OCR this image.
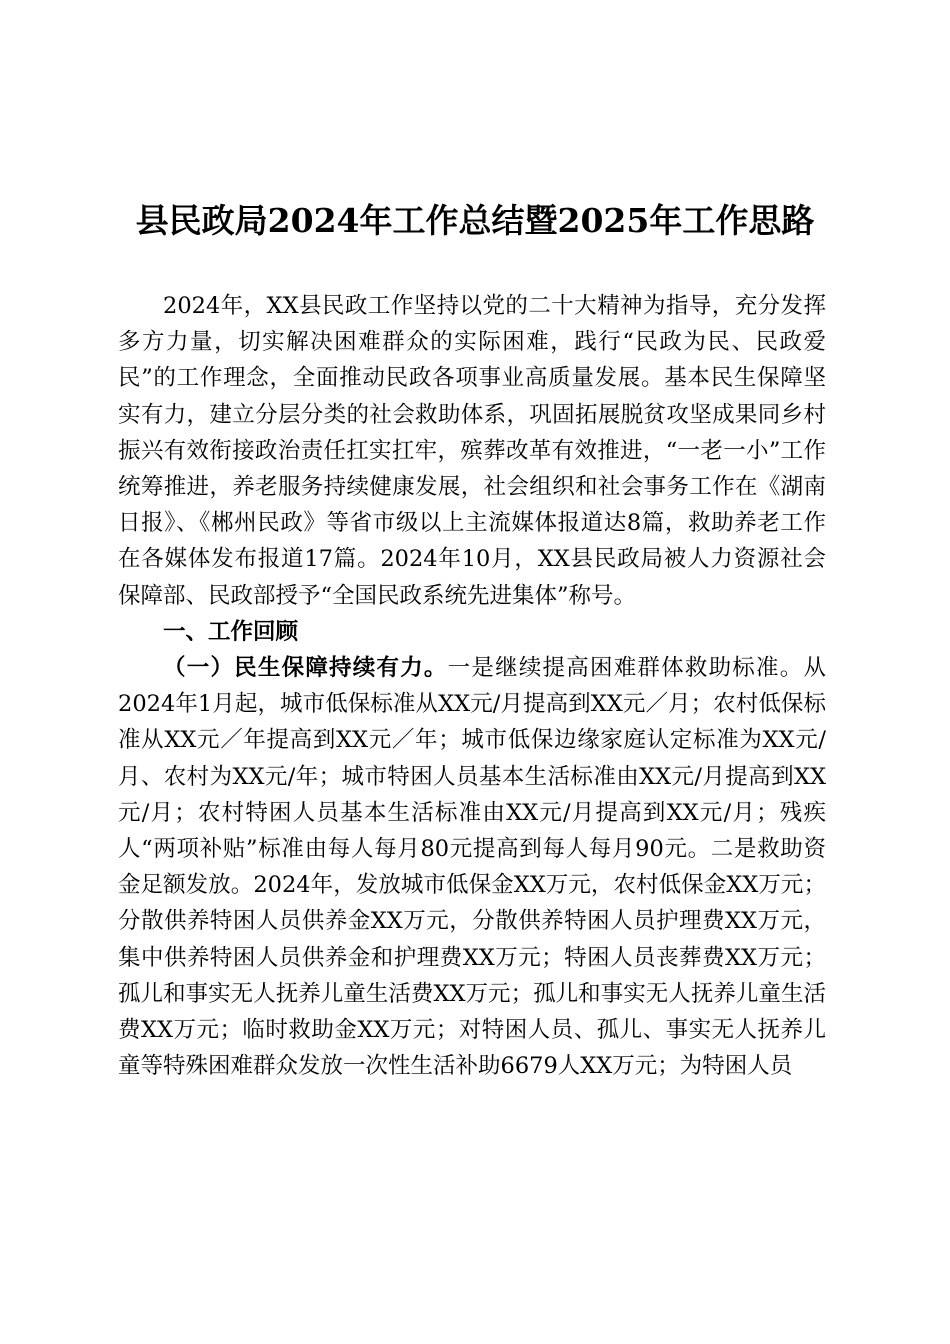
县民政局2024年工作总结暨2025年工作思路

2024年，XX县民政工作坚持以党的二十大精神为指导，充分发挥多方力量，切实解决困难群众的实际困难，践行“民政为民、民政爱民”的工作理念，全面推动民政各项事业高质量发展。基本民生保障坚实有力，建立分层分类的社会救助体系，巩固拓展脱贫攻坚成果同乡村振兴有效衔接政治责任扛实扛牢，殡葬改革有效推进，“一老一小”工作统筹推进，养老服务持续健康发展，社会组织和社会事务工作在《湖南日报》、《郴州民政》等省市级以上主流媒体报道达8篇，救助养老工作在各媒体发布报道17篇。2024年10月，XX县民政局被人力资源社会保障部、民政部授予“全国民政系统先进集体”称号。

一、工作回顾

（一）民生保障持续有力。一是继续提高困难群体救助标准。从2024年1月起，城市低保标准从XX元/月提高到XX元／月；农村低保标准从XX元／年提高到XX元／年；城市低保边缘家庭认定标准为XX元/月、农村为XX元/年；城市特困人员基本生活标准由XX元/月提高到XX元/月；农村特困人员基本生活标准由XX元/月提高到XX元/月；残疾人“两项补贴”标准由每人每月80元提高到每人每月90元。二是救助资金足额发放。2024年，发放城市低保金XX万元，农村低保金XX万元；分散供养特困人员供养金XX万元，分散供养特困人员护理费XX万元，集中供养特困人员供养金和护理费XX万元；特困人员丧葬费XX万元；孤儿和事实无人抚养儿童生活费XX万元；孤儿和事实无人抚养儿童生活费XX万元；临时救助金XX万元；对特困人员、孤儿、事实无人抚养儿童等特殊困难群众发放一次性生活补助6679人XX万元；为特困人员
